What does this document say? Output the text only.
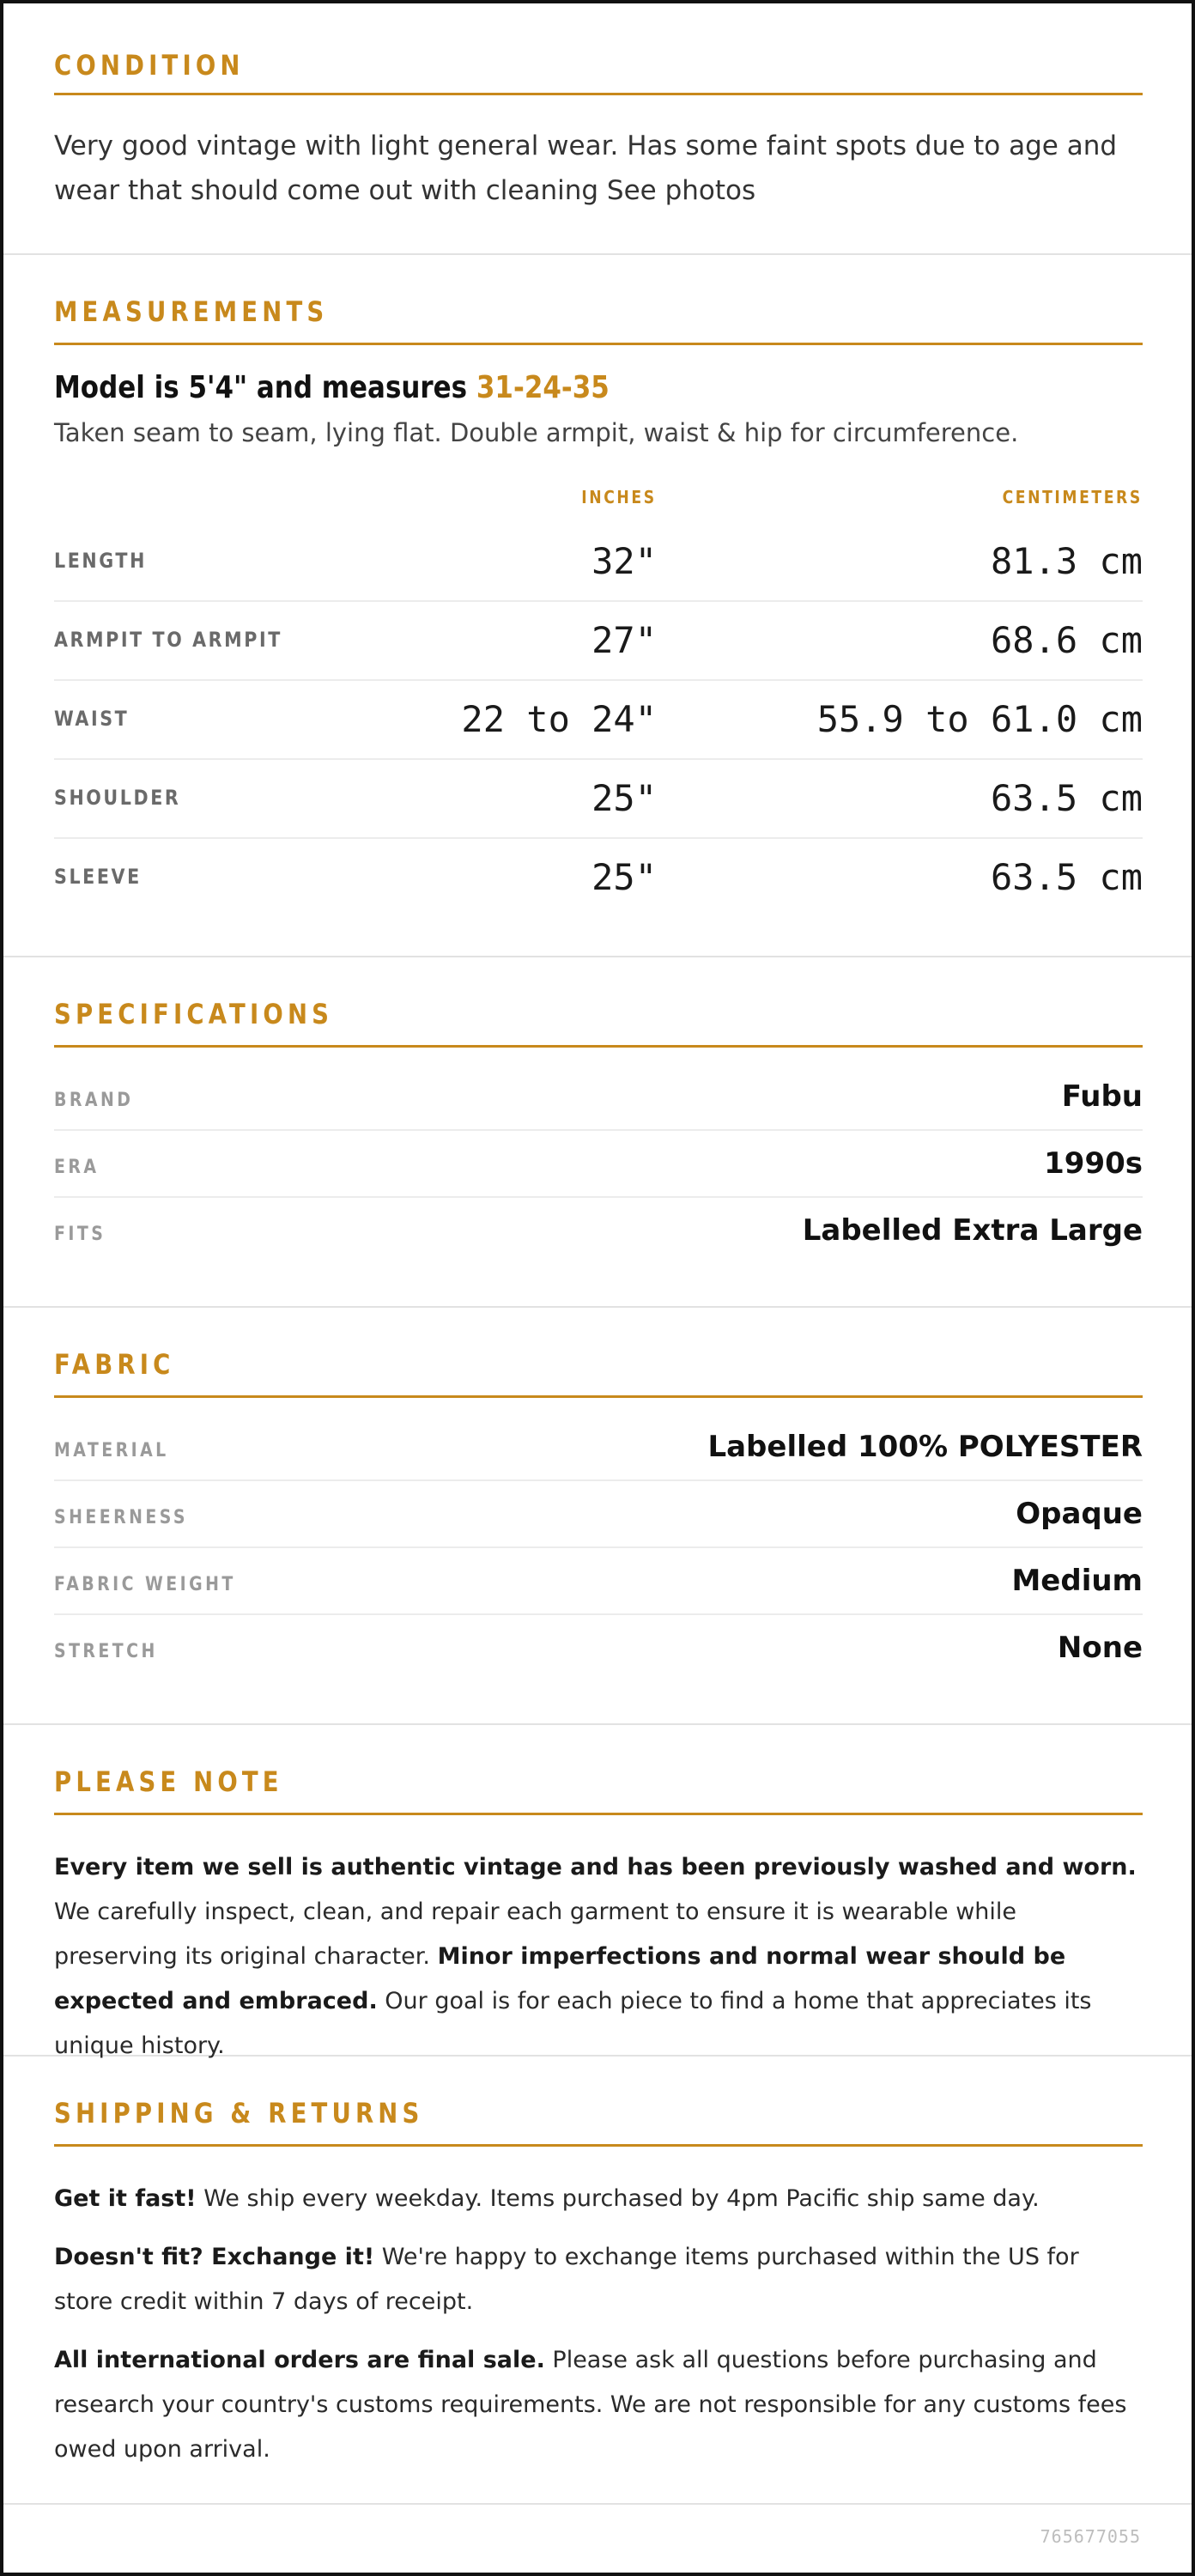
CONDITION
Very good vintage with light general wear. Has some faint spots due to age and wear that should come out with cleaning See photos
MEASUREMENTS
Model is 5'4" and measures 31-24-35
Taken seam to seam, lying flat. Double armpit, waist & hip for circumference.
INCHES	CENTIMETERS
LENGTH	32"	81.3 cm
ARMPIT TO ARMPIT	27"	68.6 cm
WAIST	22 to 24"	55.9 to 61.0 cm
SHOULDER	25"	63.5 cm
SLEEVE	25"	63.5 cm
SPECIFICATIONS
BRAND	Fubu
ERA	1990s
FITS	Labelled Extra Large
FABRIC
MATERIAL	Labelled 100% POLYESTER
SHEERNESS	Opaque
FABRIC WEIGHT	Medium
STRETCH	None
PLEASE NOTE
Every item we sell is authentic vintage and has been previously washed and worn. We carefully inspect, clean, and repair each garment to ensure it is wearable while preserving its original character. Minor imperfections and normal wear should be expected and embraced. Our goal is for each piece to find a home that appreciates its unique history.
SHIPPING & RETURNS
Get it fast! We ship every weekday. Items purchased by 4pm Pacific ship same day.
Doesn't fit? Exchange it! We're happy to exchange items purchased within the US for store credit within 7 days of receipt.
All international orders are final sale. Please ask all questions before purchasing and research your country's customs requirements. We are not responsible for any customs fees owed upon arrival.
765677055
